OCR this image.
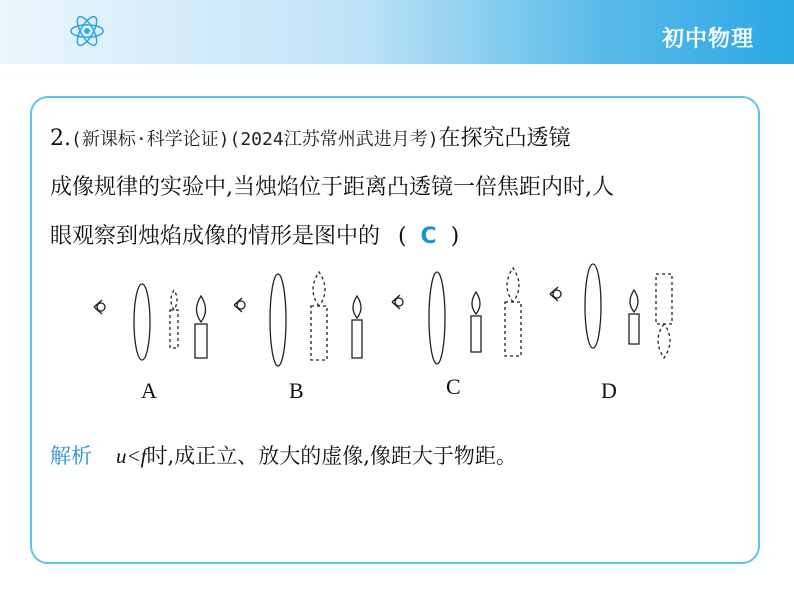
初中物理
2.(新课标·科学论证)(2024江苏常州武进月考)在探究凸透镜
成像规律的实验中,当烛焰位于距离凸透镜一倍焦距内时,人
眼观察到烛焰成像的情形是图中的 ( C )
A	B	C	D
解析 u<f时,成正立、放大的虚像,像距大于物距。
